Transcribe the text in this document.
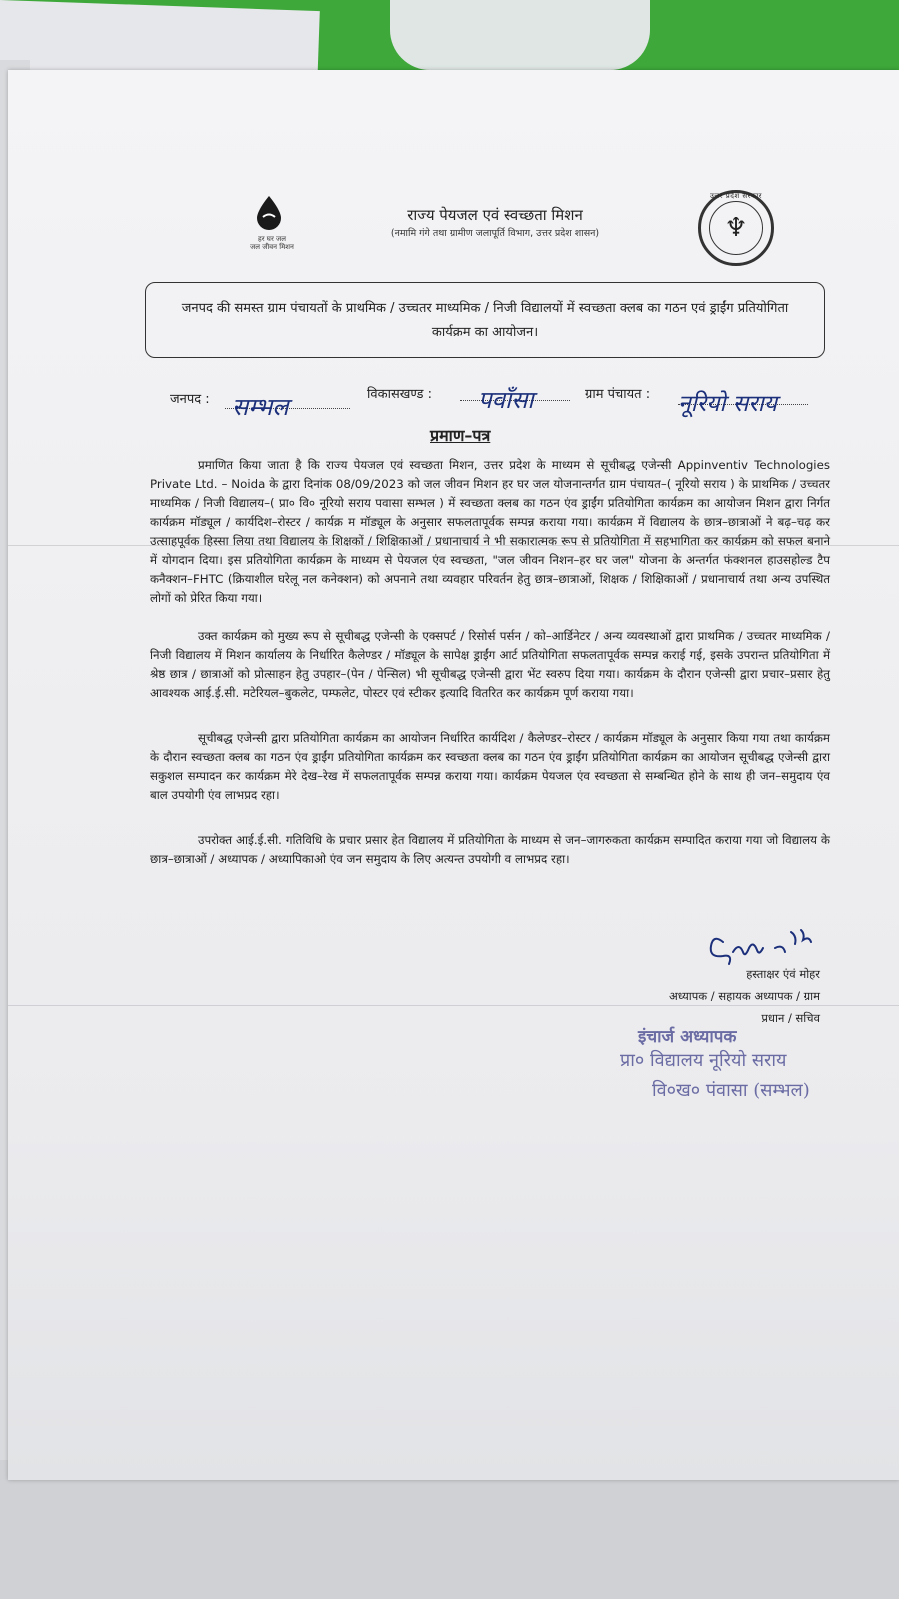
हर घर जल
जल जीवन मिशन
राज्य पेयजल एवं स्वच्छता मिशन
(नमामि गंगे तथा ग्रामीण जलापूर्ति विभाग, उत्तर प्रदेश शासन)
उत्तर प्रदेश सरकार
♆
जनपद की समस्त ग्राम पंचायतों के प्राथमिक / उच्चतर माध्यमिक / निजी विद्यालयों में स्वच्छता क्लब का गठन एवं ड्राईंग प्रतियोगिता कार्यक्रम का आयोजन।
जनपद : सम्भल	विकासखण्ड : पवाँसा	ग्राम पंचायत : नूरियो सराय
प्रमाण–पत्र
प्रमाणित किया जाता है कि राज्य पेयजल एवं स्वच्छता मिशन, उत्तर प्रदेश के माध्यम से सूचीबद्ध एजेन्सी Appinventiv Technologies Private Ltd. – Noida के द्वारा दिनांक 08/09/2023 को जल जीवन मिशन हर घर जल योजनान्तर्गत ग्राम पंचायत–( नूरियो सराय ) के प्राथमिक / उच्चतर माध्यमिक / निजी विद्यालय–( प्रा० वि० नूरियो सराय पवासा सम्भल ) में स्वच्छता क्लब का गठन एंव ड्राईंग प्रतियोगिता कार्यक्रम का आयोजन मिशन द्वारा निर्गत कार्यक्रम मॉड्यूल / कार्यदिश–रोस्टर / कार्यक्र म मॉड्यूल के अनुसार सफलतापूर्वक सम्पन्न कराया गया। कार्यक्रम में विद्यालय के छात्र–छात्राओं ने बढ़–चढ़ कर उत्साहपूर्वक हिस्सा लिया तथा विद्यालय के शिक्षकों / शिक्षिकाओं / प्रधानाचार्य ने भी सकारात्मक रूप से प्रतियोगिता में सहभागिता कर कार्यक्रम को सफल बनाने में योगदान दिया। इस प्रतियोगिता कार्यक्रम के माध्यम से पेयजल एंव स्वच्छता, "जल जीवन निशन–हर घर जल" योजना के अन्तर्गत फंक्शनल हाउसहोल्ड टैप कनैक्शन–FHTC (क्रियाशील घरेलू नल कनेक्शन) को अपनाने तथा व्यवहार परिवर्तन हेतु छात्र–छात्राओं, शिक्षक / शिक्षिकाओं / प्रधानाचार्य तथा अन्य उपस्थित लोगों को प्रेरित किया गया।
उक्त कार्यक्रम को मुख्य रूप से सूचीबद्ध एजेन्सी के एक्सपर्ट / रिसोर्स पर्सन / को–आर्डिनेटर / अन्य व्यवस्थाओं द्वारा प्राथमिक / उच्चतर माध्यमिक / निजी विद्यालय में मिशन कार्यालय के निर्धारित कैलेण्डर / मॉड्यूल के सापेक्ष ड्राईंग आर्ट प्रतियोगिता सफलतापूर्वक सम्पन्न कराई गई, इसके उपरान्त प्रतियोगिता में श्रेष्ठ छात्र / छात्राओं को प्रोत्साहन हेतु उपहार–(पेन / पेन्सिल) भी सूचीबद्ध एजेन्सी द्वारा भेंट स्वरुप दिया गया। कार्यक्रम के दौरान एजेन्सी द्वारा प्रचार–प्रसार हेतु आवश्यक आई.ई.सी. मटेरियल–बुकलेट, पम्फलेट, पोस्टर एवं स्टीकर इत्यादि वितरित कर कार्यक्रम पूर्ण कराया गया।
सूचीबद्ध एजेन्सी द्वारा प्रतियोगिता कार्यक्रम का आयोजन निर्धारित कार्यदिश / कैलेण्डर–रोस्टर / कार्यक्रम मॉड्यूल के अनुसार किया गया तथा कार्यक्रम के दौरान स्वच्छता क्लब का गठन एंव ड्राईंग प्रतियोगिता कार्यक्रम कर स्वच्छता क्लब का गठन एंव ड्राईंग प्रतियोगिता कार्यक्रम का आयोजन सूचीबद्ध एजेन्सी द्वारा सकुशल सम्पादन कर कार्यक्रम मेरे देख–रेख में सफलतापूर्वक सम्पन्न कराया गया। कार्यक्रम पेयजल एंव स्वच्छता से सम्बन्धित होने के साथ ही जन–समुदाय एंव बाल उपयोगी एंव लाभप्रद रहा।
उपरोक्त आई.ई.सी. गतिविधि के प्रचार प्रसार हेत विद्यालय में प्रतियोगिता के माध्यम से जन–जागरुकता कार्यक्रम सम्पादित कराया गया जो विद्यालय के छात्र–छात्राओं / अध्यापक / अध्यापिकाओ एंव जन समुदाय के लिए अत्यन्त उपयोगी व लाभप्रद रहा।
हस्ताक्षर एंवं मोहर
अध्यापक / सहायक अध्यापक / ग्राम
प्रधान / सचिव
इंचार्ज अध्यापक
प्रा० विद्यालय नूरियो सराय
वि०ख० पंवासा (सम्भल)
